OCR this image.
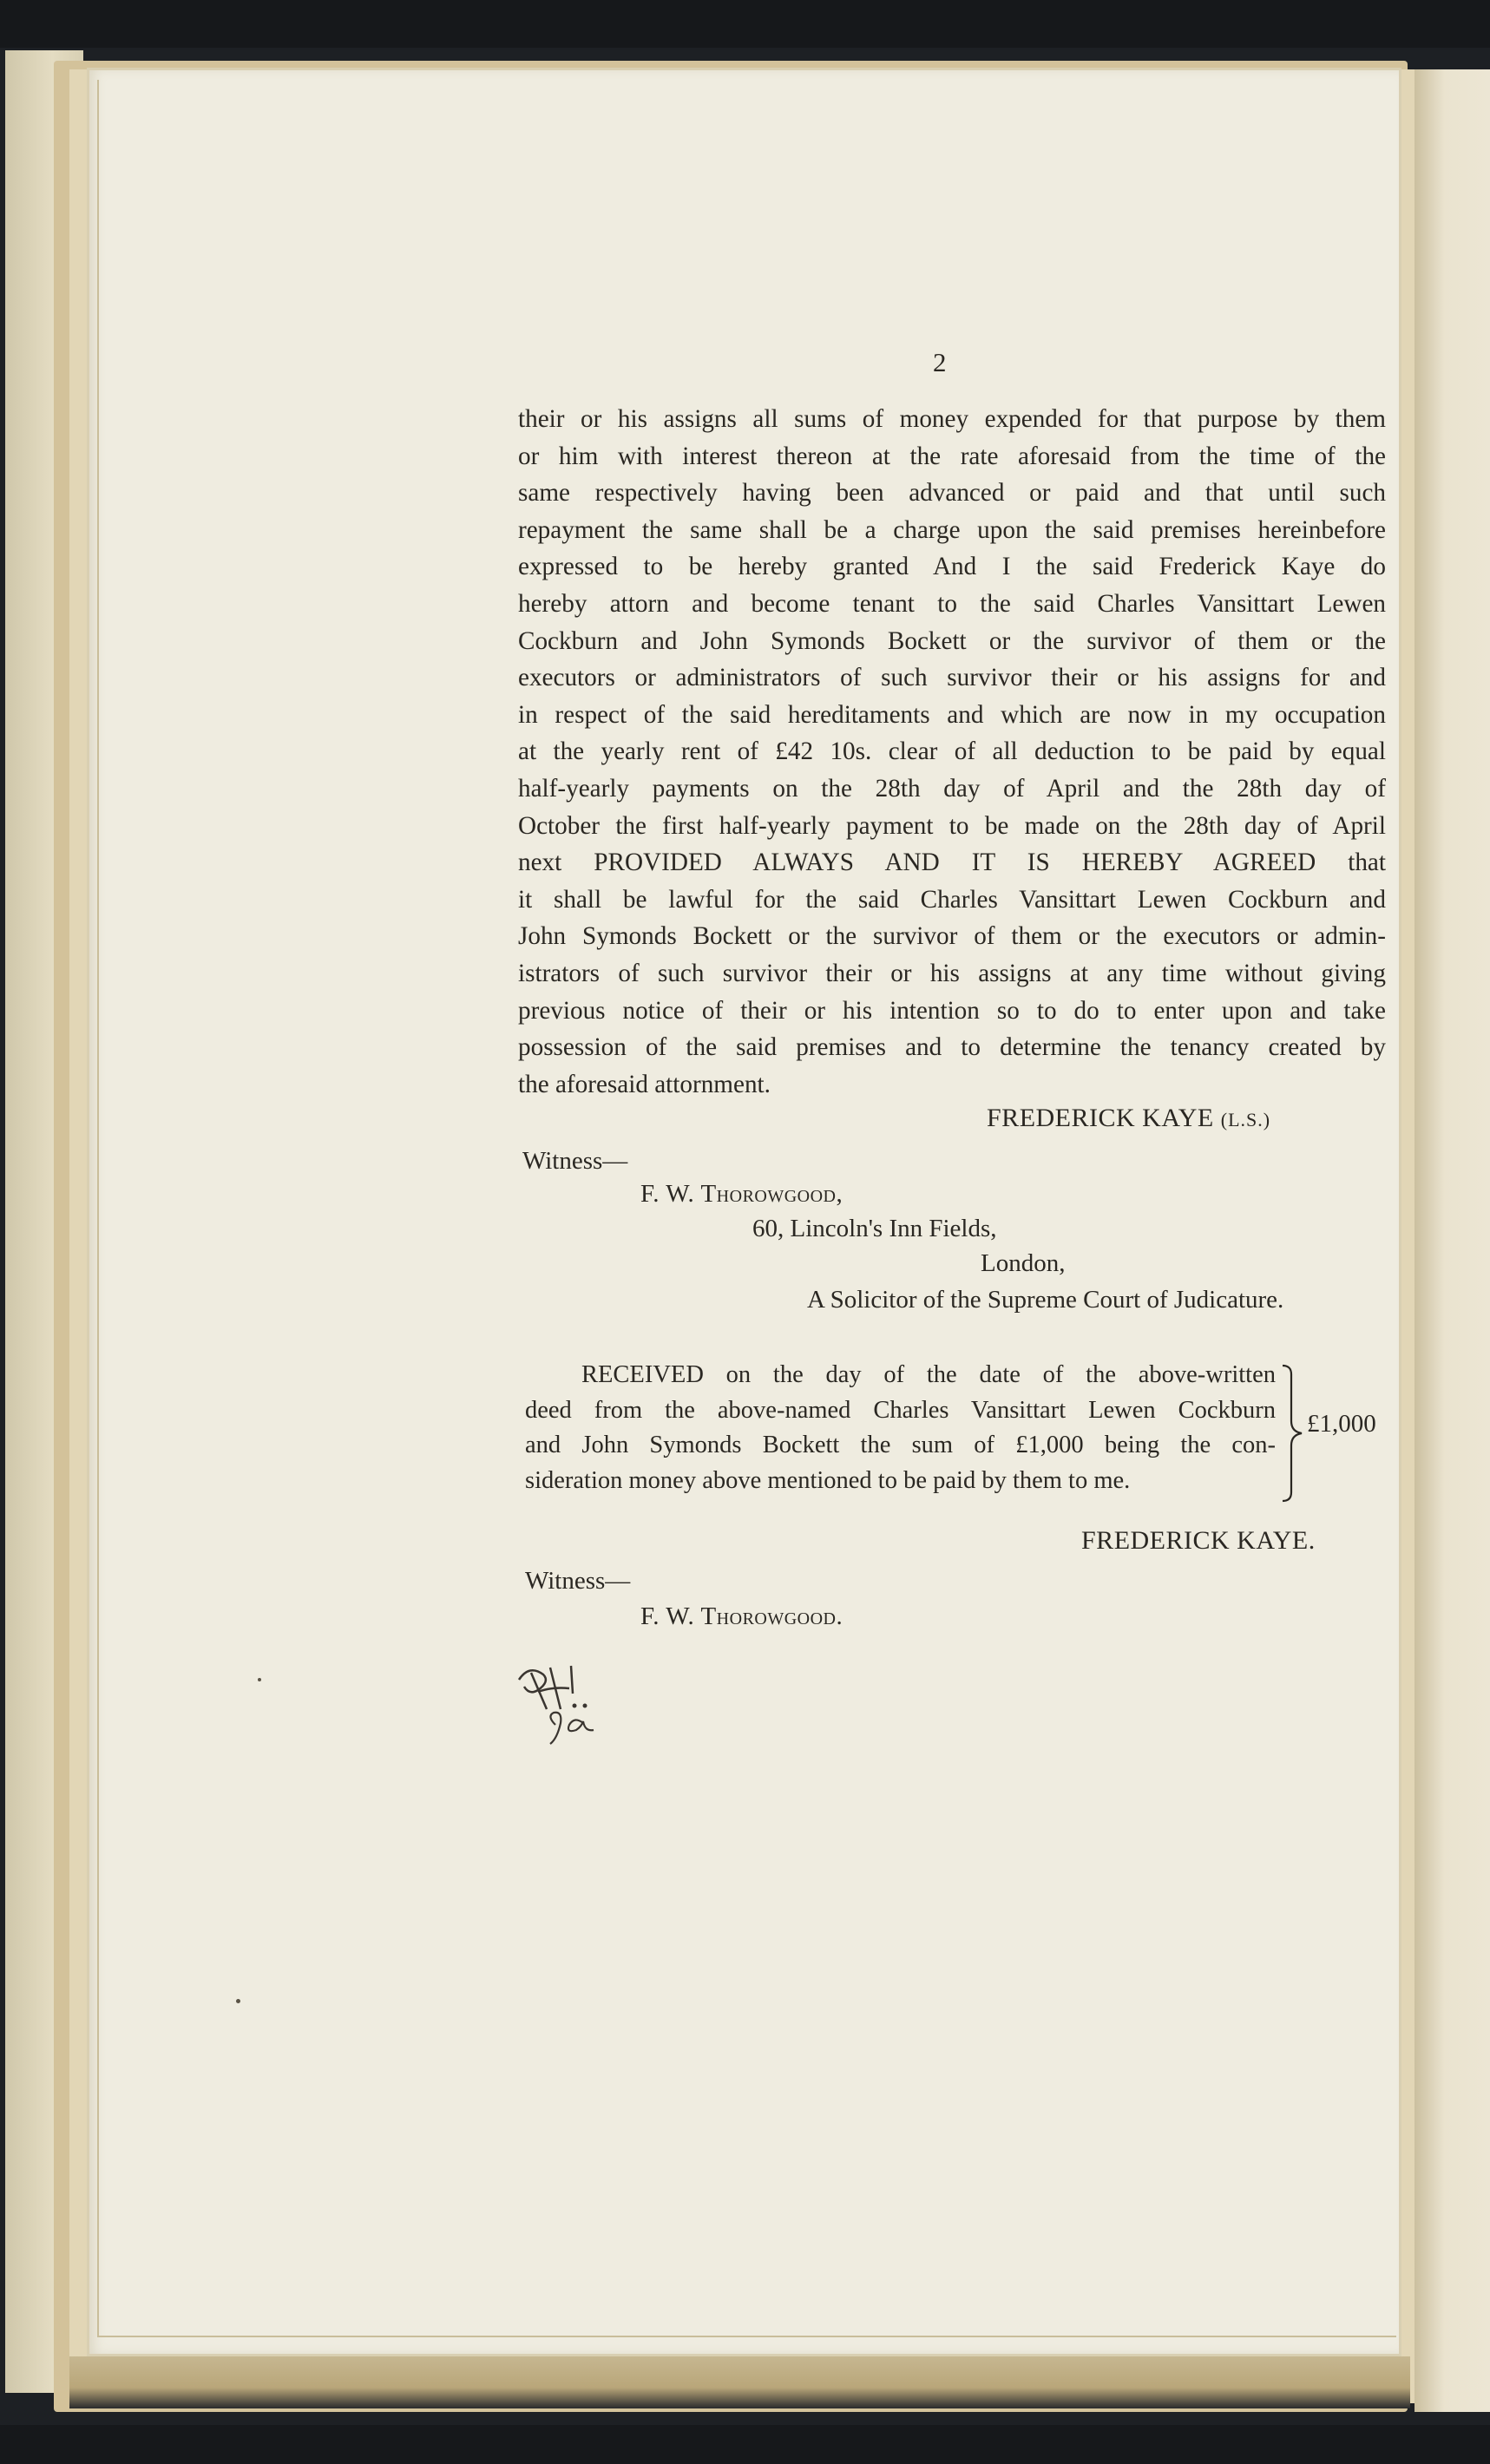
2
their or his assigns all sums of money expended for that purpose by them
or him with interest thereon at the rate aforesaid from the time of the
same respectively having been advanced or paid and that until such
repayment the same shall be a charge upon the said premises hereinbefore
expressed to be hereby granted And I the said Frederick Kaye do
hereby attorn and become tenant to the said Charles Vansittart Lewen
Cockburn and John Symonds Bockett or the survivor of them or the
executors or administrators of such survivor their or his assigns for and
in respect of the said hereditaments and which are now in my occupation
at the yearly rent of £42 10s. clear of all deduction to be paid by equal
half-yearly payments on the 28th day of April and the 28th day of
October the first half-yearly payment to be made on the 28th day of April
next PROVIDED ALWAYS AND IT IS HEREBY AGREED that
it shall be lawful for the said Charles Vansittart Lewen Cockburn and
John Symonds Bockett or the survivor of them or the executors or admin-
istrators of such survivor their or his assigns at any time without giving
previous notice of their or his intention so to do to enter upon and take
possession of the said premises and to determine the tenancy created by
the aforesaid attornment.
FREDERICK KAYE (L.S.)
Witness—
F. W. Thorowgood,
60, Lincoln's Inn Fields,
London,
A Solicitor of the Supreme Court of Judicature.
RECEIVED on the day of the date of the above-written
deed from the above-named Charles Vansittart Lewen Cockburn
and John Symonds Bockett the sum of £1,000 being the con-
sideration money above mentioned to be paid by them to me.
£1,000
FREDERICK KAYE.
Witness—
F. W. Thorowgood.
